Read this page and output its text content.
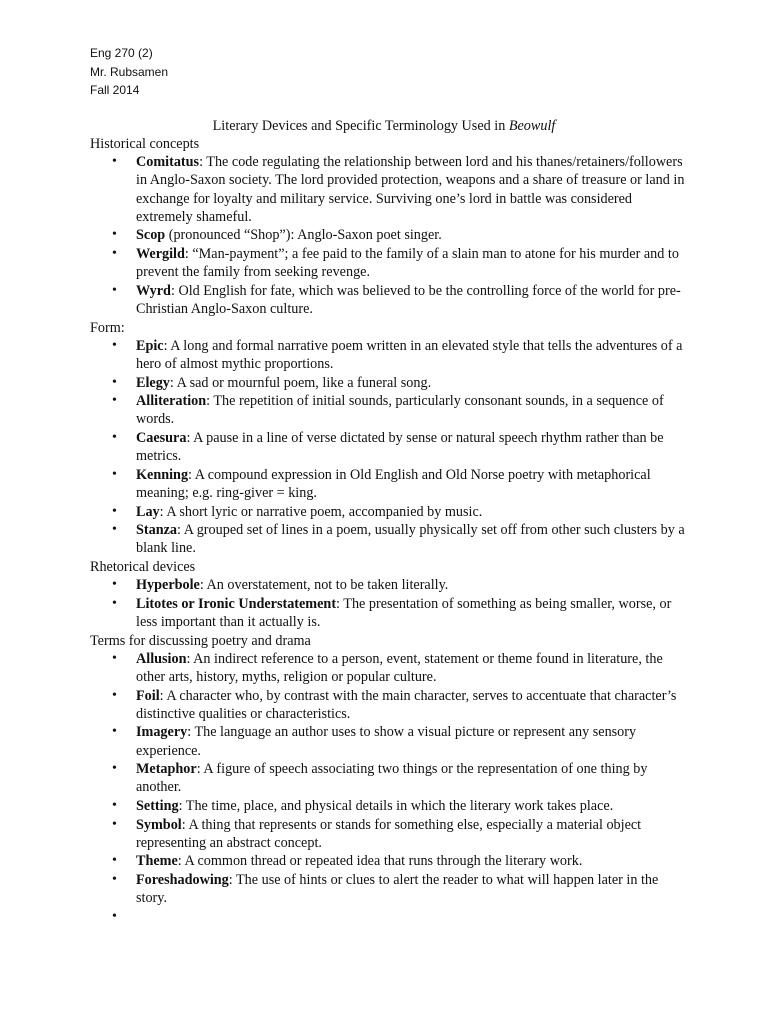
Eng 270 (2)
Mr. Rubsamen
Fall 2014
Literary Devices and Specific Terminology Used in Beowulf
Historical concepts
• Comitatus: The code regulating the relationship between lord and his thanes/retainers/followers in Anglo-Saxon society. The lord provided protection, weapons and a share of treasure or land in exchange for loyalty and military service. Surviving one’s lord in battle was considered extremely shameful.
• Scop (pronounced “Shop”): Anglo-Saxon poet singer.
• Wergild: “Man-payment”; a fee paid to the family of a slain man to atone for his murder and to prevent the family from seeking revenge.
• Wyrd: Old English for fate, which was believed to be the controlling force of the world for pre-Christian Anglo-Saxon culture.
Form:
• Epic: A long and formal narrative poem written in an elevated style that tells the adventures of a hero of almost mythic proportions.
• Elegy: A sad or mournful poem, like a funeral song.
• Alliteration: The repetition of initial sounds, particularly consonant sounds, in a sequence of words.
• Caesura: A pause in a line of verse dictated by sense or natural speech rhythm rather than be metrics.
• Kenning: A compound expression in Old English and Old Norse poetry with metaphorical meaning; e.g. ring-giver = king.
• Lay: A short lyric or narrative poem, accompanied by music.
• Stanza: A grouped set of lines in a poem, usually physically set off from other such clusters by a blank line.
Rhetorical devices
• Hyperbole: An overstatement, not to be taken literally.
• Litotes or Ironic Understatement: The presentation of something as being smaller, worse, or less important than it actually is.
Terms for discussing poetry and drama
• Allusion: An indirect reference to a person, event, statement or theme found in literature, the other arts, history, myths, religion or popular culture.
• Foil: A character who, by contrast with the main character, serves to accentuate that character’s distinctive qualities or characteristics.
• Imagery: The language an author uses to show a visual picture or represent any sensory experience.
• Metaphor: A figure of speech associating two things or the representation of one thing by another.
• Setting: The time, place, and physical details in which the literary work takes place.
• Symbol: A thing that represents or stands for something else, especially a material object representing an abstract concept.
• Theme: A common thread or repeated idea that runs through the literary work.
• Foreshadowing: The use of hints or clues to alert the reader to what will happen later in the story.
•
